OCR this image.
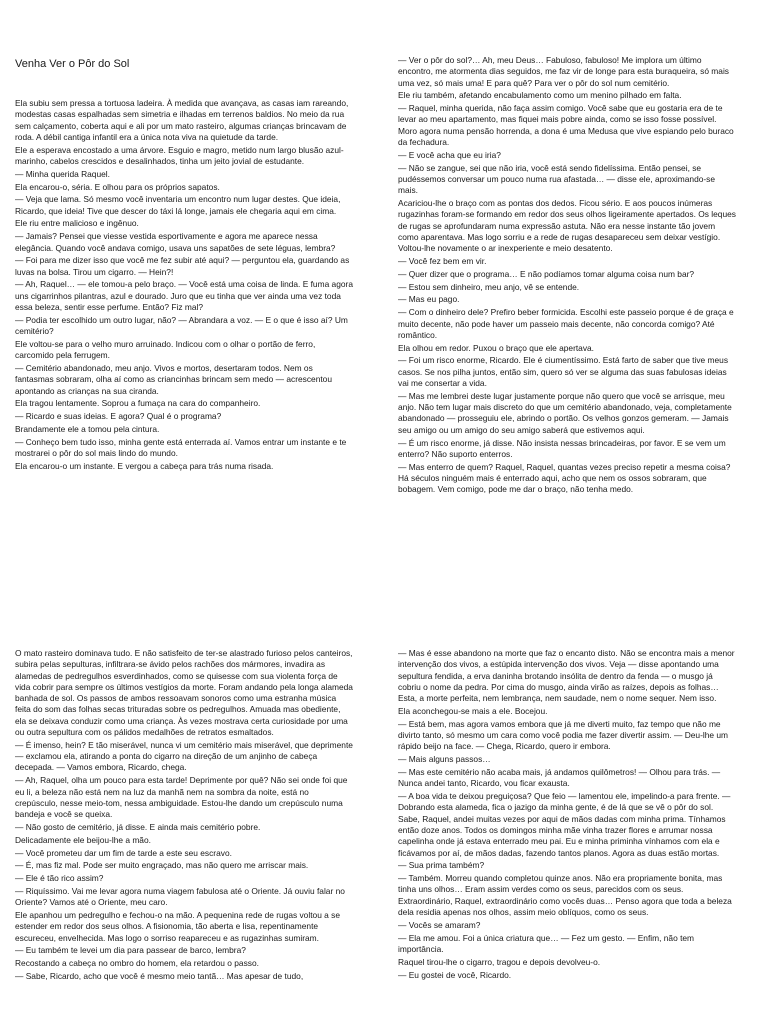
Venha Ver o Pôr do Sol

Ela subiu sem pressa a tortuosa ladeira. À medida que avançava, as casas iam rareando, modestas casas espalhadas sem simetria e ilhadas em terrenos baldios. No meio da rua sem calçamento, coberta aqui e ali por um mato rasteiro, algumas crianças brincavam de roda. A débil cantiga infantil era a única nota viva na quietude da tarde.

Ele a esperava encostado a uma árvore. Esguio e magro, metido num largo blusão azul-marinho, cabelos crescidos e desalinhados, tinha um jeito jovial de estudante.

— Minha querida Raquel.

Ela encarou-o, séria. E olhou para os próprios sapatos.

— Veja que lama. Só mesmo você inventaria um encontro num lugar destes. Que ideia, Ricardo, que ideia! Tive que descer do táxi lá longe, jamais ele chegaria aqui em cima.

Ele riu entre malicioso e ingênuo.

— Jamais? Pensei que viesse vestida esportivamente e agora me aparece nessa elegância. Quando você andava comigo, usava uns sapatões de sete léguas, lembra?

— Foi para me dizer isso que você me fez subir até aqui? — perguntou ela, guardando as luvas na bolsa. Tirou um cigarro. — Hein?!

— Ah, Raquel… — ele tomou-a pelo braço. — Você está uma coisa de linda. E fuma agora uns cigarrinhos pilantras, azul e dourado. Juro que eu tinha que ver ainda uma vez toda essa beleza, sentir esse perfume. Então? Fiz mal?

— Podia ter escolhido um outro lugar, não? — Abrandara a voz. — E o que é isso aí? Um cemitério?

Ele voltou-se para o velho muro arruinado. Indicou com o olhar o portão de ferro, carcomido pela ferrugem.

— Cemitério abandonado, meu anjo. Vivos e mortos, desertaram todos. Nem os fantasmas sobraram, olha aí como as criancinhas brincam sem medo — acrescentou apontando as crianças na sua ciranda.

Ela tragou lentamente. Soprou a fumaça na cara do companheiro.

— Ricardo e suas ideias. E agora? Qual é o programa?

Brandamente ele a tomou pela cintura.

— Conheço bem tudo isso, minha gente está enterrada aí. Vamos entrar um instante e te mostrarei o pôr do sol mais lindo do mundo.

Ela encarou-o um instante. E vergou a cabeça para trás numa risada.

— Ver o pôr do sol?… Ah, meu Deus… Fabuloso, fabuloso! Me implora um último encontro, me atormenta dias seguidos, me faz vir de longe para esta buraqueira, só mais uma vez, só mais uma! E para quê? Para ver o pôr do sol num cemitério.

Ele riu também, afetando encabulamento como um menino pilhado em falta.

— Raquel, minha querida, não faça assim comigo. Você sabe que eu gostaria era de te levar ao meu apartamento, mas fiquei mais pobre ainda, como se isso fosse possível. Moro agora numa pensão horrenda, a dona é uma Medusa que vive espiando pelo buraco da fechadura.

— E você acha que eu iria?

— Não se zangue, sei que não iria, você está sendo fidelíssima. Então pensei, se pudéssemos conversar um pouco numa rua afastada… — disse ele, aproximando-se mais.

Acariciou-lhe o braço com as pontas dos dedos. Ficou sério. E aos poucos inúmeras rugazinhas foram-se formando em redor dos seus olhos ligeiramente apertados. Os leques de rugas se aprofundaram numa expressão astuta. Não era nesse instante tão jovem como aparentava. Mas logo sorriu e a rede de rugas desapareceu sem deixar vestígio. Voltou-lhe novamente o ar inexperiente e meio desatento.

— Você fez bem em vir.

— Quer dizer que o programa… E não podíamos tomar alguma coisa num bar?

— Estou sem dinheiro, meu anjo, vê se entende.

— Mas eu pago.

— Com o dinheiro dele? Prefiro beber formicida. Escolhi este passeio porque é de graça e muito decente, não pode haver um passeio mais decente, não concorda comigo? Até romântico.

Ela olhou em redor. Puxou o braço que ele apertava.

— Foi um risco enorme, Ricardo. Ele é ciumentíssimo. Está farto de saber que tive meus casos. Se nos pilha juntos, então sim, quero só ver se alguma das suas fabulosas ideias vai me consertar a vida.

— Mas me lembrei deste lugar justamente porque não quero que você se arrisque, meu anjo. Não tem lugar mais discreto do que um cemitério abandonado, veja, completamente abandonado — prosseguiu ele, abrindo o portão. Os velhos gonzos gemeram. — Jamais seu amigo ou um amigo do seu amigo saberá que estivemos aqui.

— É um risco enorme, já disse. Não insista nessas brincadeiras, por favor. E se vem um enterro? Não suporto enterros.

— Mas enterro de quem? Raquel, Raquel, quantas vezes preciso repetir a mesma coisa? Há séculos ninguém mais é enterrado aqui, acho que nem os ossos sobraram, que bobagem. Vem comigo, pode me dar o braço, não tenha medo.

O mato rasteiro dominava tudo. E não satisfeito de ter-se alastrado furioso pelos canteiros, subira pelas sepulturas, infiltrara-se ávido pelos rachões dos mármores, invadira as alamedas de pedregulhos esverdinhados, como se quisesse com sua violenta força de vida cobrir para sempre os últimos vestígios da morte. Foram andando pela longa alameda banhada de sol. Os passos de ambos ressoavam sonoros como uma estranha música feita do som das folhas secas trituradas sobre os pedregulhos. Amuada mas obediente, ela se deixava conduzir como uma criança. Às vezes mostrava certa curiosidade por uma ou outra sepultura com os pálidos medalhões de retratos esmaltados.

— É imenso, hein? E tão miserável, nunca vi um cemitério mais miserável, que deprimente — exclamou ela, atirando a ponta do cigarro na direção de um anjinho de cabeça decepada. — Vamos embora, Ricardo, chega.

— Ah, Raquel, olha um pouco para esta tarde! Deprimente por quê? Não sei onde foi que eu li, a beleza não está nem na luz da manhã nem na sombra da noite, está no crepúsculo, nesse meio-tom, nessa ambiguidade. Estou-lhe dando um crepúsculo numa bandeja e você se queixa.

— Não gosto de cemitério, já disse. E ainda mais cemitério pobre.

Delicadamente ele beijou-lhe a mão.

— Você prometeu dar um fim de tarde a este seu escravo.

— É, mas fiz mal. Pode ser muito engraçado, mas não quero me arriscar mais.

— Ele é tão rico assim?

— Riquíssimo. Vai me levar agora numa viagem fabulosa até o Oriente. Já ouviu falar no Oriente? Vamos até o Oriente, meu caro.

Ele apanhou um pedregulho e fechou-o na mão. A pequenina rede de rugas voltou a se estender em redor dos seus olhos. A fisionomia, tão aberta e lisa, repentinamente escureceu, envelhecida. Mas logo o sorriso reapareceu e as rugazinhas sumiram.

— Eu também te levei um dia para passear de barco, lembra?

Recostando a cabeça no ombro do homem, ela retardou o passo.

— Sabe, Ricardo, acho que você é mesmo meio tantã… Mas apesar de tudo,

— Mas é esse abandono na morte que faz o encanto disto. Não se encontra mais a menor intervenção dos vivos, a estúpida intervenção dos vivos. Veja — disse apontando uma sepultura fendida, a erva daninha brotando insólita de dentro da fenda — o musgo já cobriu o nome da pedra. Por cima do musgo, ainda virão as raízes, depois as folhas… Esta, a morte perfeita, nem lembrança, nem saudade, nem o nome sequer. Nem isso.

Ela aconchegou-se mais a ele. Bocejou.

— Está bem, mas agora vamos embora que já me diverti muito, faz tempo que não me divirto tanto, só mesmo um cara como você podia me fazer divertir assim. — Deu-lhe um rápido beijo na face. — Chega, Ricardo, quero ir embora.

— Mais alguns passos…

— Mas este cemitério não acaba mais, já andamos quilômetros! — Olhou para trás. — Nunca andei tanto, Ricardo, vou ficar exausta.

— A boa vida te deixou preguiçosa? Que feio — lamentou ele, impelindo-a para frente. — Dobrando esta alameda, fica o jazigo da minha gente, é de lá que se vê o pôr do sol. Sabe, Raquel, andei muitas vezes por aqui de mãos dadas com minha prima. Tínhamos então doze anos. Todos os domingos minha mãe vinha trazer flores e arrumar nossa capelinha onde já estava enterrado meu pai. Eu e minha priminha vínhamos com ela e ficávamos por aí, de mãos dadas, fazendo tantos planos. Agora as duas estão mortas.

— Sua prima também?

— Também. Morreu quando completou quinze anos. Não era propriamente bonita, mas tinha uns olhos… Eram assim verdes como os seus, parecidos com os seus. Extraordinário, Raquel, extraordinário como vocês duas… Penso agora que toda a beleza dela residia apenas nos olhos, assim meio oblíquos, como os seus.

— Vocês se amaram?

— Ela me amou. Foi a única criatura que… — Fez um gesto. — Enfim, não tem importância.

Raquel tirou-lhe o cigarro, tragou e depois devolveu-o.

— Eu gostei de você, Ricardo.
